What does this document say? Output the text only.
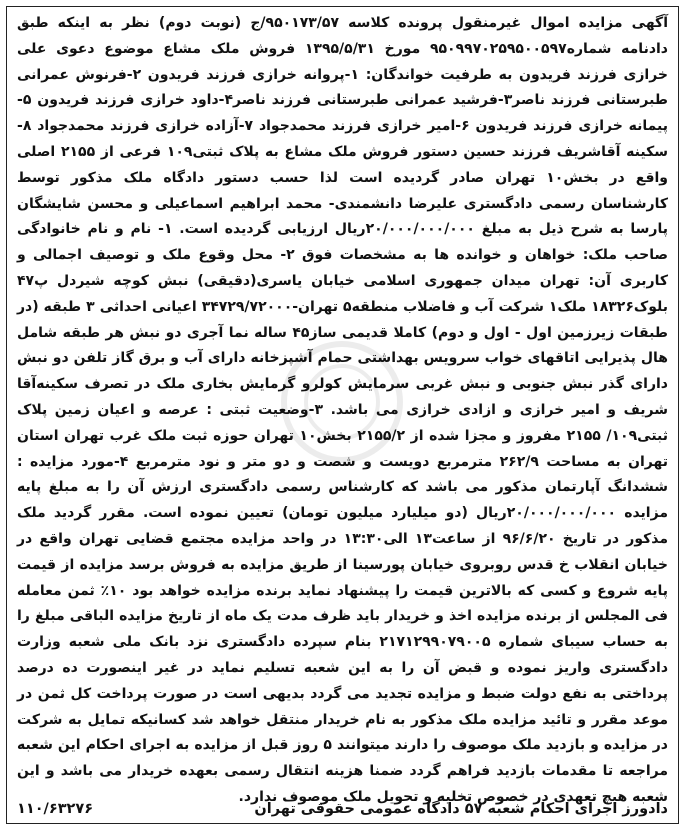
آگهی مزایده اموال غیرمنقول پرونده کلاسه ۹۵۰۱۷۳/۵۷/ج (نوبت دوم) نظر به اینکه طبق دادنامه شماره۹۵۰۹۹۷۰۲۵۹۵۰۰۵۹۷ مورخ ۱۳۹۵/۵/۳۱ فروش ملک مشاع موضوع دعوی علی خرازی فرزند فریدون به طرفیت خواندگان: ۱-پروانه خرازی فرزند فریدون ۲-فرنوش عمرانی طبرستانی فرزند ناصر۳-فرشید عمرانی طبرستانی فرزند ناصر۴-داود خرازی فرزند فریدون ۵-پیمانه خرازی فرزند فریدون ۶-امیر خرازی فرزند محمدجواد ۷-آزاده خرازی فرزند محمدجواد ۸-سکینه آقاشریف فرزند حسین دستور فروش ملک مشاع به پلاک ثبتی۱۰۹ فرعی از ۲۱۵۵ اصلی واقع در بخش۱۰ تهران صادر گردیده است لذا حسب دستور دادگاه ملک مذکور توسط کارشناسان رسمی دادگستری علیرضا دانشمندی- محمد ابراهیم اسماعیلی و محسن شایشگان پارسا به شرح ذیل به مبلغ ۲۰/۰۰۰/۰۰۰/۰۰۰ریال ارزیابی گردیده است. ۱- نام و نام خانوادگی صاحب ملک: خواهان و خوانده ها به مشخصات فوق ۲- محل وقوع ملک و توصیف اجمالی و کاربری آن: تهران میدان جمهوری اسلامی خیابان یاسری(دقیقی) نبش کوچه شیردل پ۴۷ بلوک۱۸۳۲۶ ملک۱ شرکت آب و فاضلاب منطقه۵ تهران-۳۴۷۲۹/۷۲۰۰۰ اعیانی احداثی ۳ طبقه (در طبقات زیرزمین اول - اول و دوم) کاملا قدیمی ساز۴۵ ساله نما آجری دو نبش هر طبقه شامل هال پذیرایی اتاقهای خواب سرویس بهداشتی حمام آشپزخانه دارای آب و برق گاز تلفن دو نبش دارای گذر نبش جنوبی و نبش غربی سرمایش کولرو گرمایش بخاری ملک در تصرف سکینه‌آقا شریف و امیر خرازی و ازادی خرازی می باشد. ۳-وضعیت ثبتی : عرصه و اعیان زمین پلاک ثبتی۱۰۹/ ۲۱۵۵ مفروز و مجزا شده از ۲۱۵۵/۲ بخش۱۰ تهران حوزه ثبت ملک غرب تهران استان تهران به مساحت ۲۶۲/۹ مترمربع دویست و شصت و دو متر و نود مترمربع ۴-مورد مزایده : ششدانگ آپارتمان مذکور می باشد که کارشناس رسمی دادگستری ارزش آن را به مبلغ پایه مزایده ۲۰/۰۰۰/۰۰۰/۰۰۰ریال (دو میلیارد میلیون تومان) تعیین نموده است. مقرر گردید ملک مذکور در تاریخ ۹۶/۶/۲۰ از ساعت۱۳ الی۱۳:۳۰ در واحد مزایده مجتمع قضایی تهران واقع در خیابان انقلاب خ قدس روبروی خیابان پورسینا از طریق مزایده به فروش برسد مزایده از قیمت پایه شروع و کسی که بالاترین قیمت را پیشنهاد نماید برنده مزایده خواهد بود ۱۰٪ ثمن معامله فی المجلس از برنده مزایده اخذ و خریدار باید ظرف مدت یک ماه از تاریخ مزایده الباقی مبلغ را به حساب سیبای شماره ۲۱۷۱۲۹۹۰۷۹۰۰۵ بنام سپرده دادگستری نزد بانک ملی شعبه وزارت دادگستری واریز نموده و قبض آن را به این شعبه تسلیم نماید در غیر اینصورت ده درصد پرداختی به نفع دولت ضبط و مزایده تجدید می گردد بدیهی است در صورت پرداخت کل ثمن در موعد مقرر و تائید مزایده ملک مذکور به نام خریدار منتقل خواهد شد کسانیکه تمایل به شرکت در مزایده و بازدید ملک موصوف را دارند میتوانند ۵ روز قبل از مزایده به اجرای احکام این شعبه مراجعه تا مقدمات بازدید فراهم گردد ضمنا هزینه انتقال رسمی بعهده خریدار می باشد و این شعبه هیچ تعهدی در خصوص تخلیه و تحویل ملک موصوف ندارد.

دادورز اجرای احکام شعبه ۵۷ دادگاه عمومی حقوقی تهران
۱۱۰/۶۳۲۷۶
